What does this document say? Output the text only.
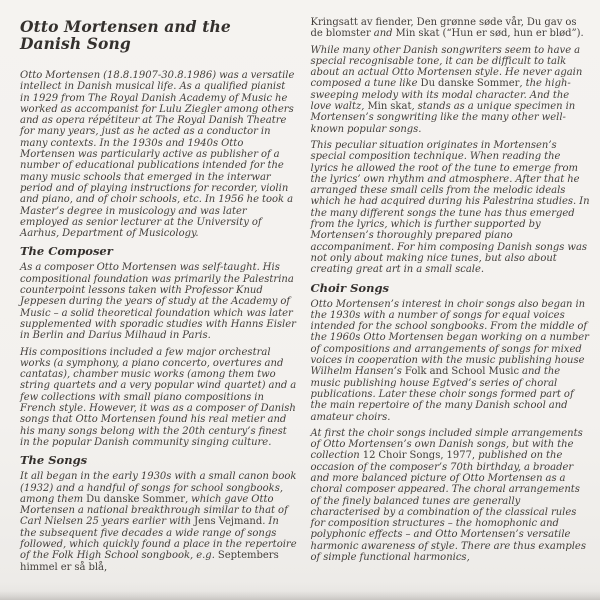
Otto Mortensen and the Danish Song

Otto Mortensen (18.8.1907-30.8.1986) was a versatile intellect in Danish musical life. As a qualified pianist in 1929 from The Royal Danish Academy of Music he worked as accompanist for Lulu Ziegler among others and as opera répétiteur at The Royal Danish Theatre for many years, just as he acted as a conductor in many contexts. In the 1930s and 1940s Otto Mortensen was particularly active as publisher of a number of educational publications intended for the many music schools that emerged in the interwar period and of playing instructions for recorder, violin and piano, and of choir schools, etc. In 1956 he took a Master’s degree in musicology and was later employed as senior lecturer at the University of Aarhus, Department of Musicology.

The Composer

As a composer Otto Mortensen was self-taught. His compositional foundation was primarily the Palestrina counterpoint lessons taken with Professor Knud Jeppesen during the years of study at the Academy of Music – a solid theoretical foundation which was later supplemented with sporadic studies with Hanns Eisler in Berlin and Darius Milhaud in Paris.

His compositions included a few major orchestral works (a symphony, a piano concerto, overtures and cantatas), chamber music works (among them two string quartets and a very popular wind quartet) and a few collections with small piano compositions in French style. However, it was as a composer of Danish songs that Otto Mortensen found his real metier and his many songs belong with the 20th century’s finest in the popular Danish community singing culture.

The Songs

It all began in the early 1930s with a small canon book (1932) and a handful of songs for school songbooks, among them Du danske Sommer, which gave Otto Mortensen a national breakthrough similar to that of Carl Nielsen 25 years earlier with Jens Vejmand. In the subsequent five decades a wide range of songs followed, which quickly found a place in the repertoire of the Folk High School songbook, e.g. Septembers himmel er så blå,

Kringsatt av fiender, Den grønne søde vår, Du gav os de blomster and Min skat (“Hun er sød, hun er blød”).

While many other Danish songwriters seem to have a special recognisable tone, it can be difficult to talk about an actual Otto Mortensen style. He never again composed a tune like Du danske Sommer, the high-sweeping melody with its modal character. And the love waltz, Min skat, stands as a unique specimen in Mortensen’s songwriting like the many other well-known popular songs.

This peculiar situation originates in Mortensen’s special composition technique. When reading the lyrics he allowed the root of the tune to emerge from the lyrics’ own rhythm and atmosphere. After that he arranged these small cells from the melodic ideals which he had acquired during his Palestrina studies. In the many different songs the tune has thus emerged from the lyrics, which is further supported by Mortensen’s thoroughly prepared piano accompaniment. For him composing Danish songs was not only about making nice tunes, but also about creating great art in a small scale.

Choir Songs

Otto Mortensen’s interest in choir songs also began in the 1930s with a number of songs for equal voices intended for the school songbooks. From the middle of the 1960s Otto Mortensen began working on a number of compositions and arrangements of songs for mixed voices in cooperation with the music publishing house Wilhelm Hansen’s Folk and School Music and the music publishing house Egtved’s series of choral publications. Later these choir songs formed part of the main repertoire of the many Danish school and amateur choirs.

At first the choir songs included simple arrangements of Otto Mortensen’s own Danish songs, but with the collection 12 Choir Songs, 1977, published on the occasion of the composer’s 70th birthday, a broader and more balanced picture of Otto Mortensen as a choral composer appeared. The choral arrangements of the finely balanced tunes are generally characterised by a combination of the classical rules for composition structures – the homophonic and polyphonic effects – and Otto Mortensen’s versatile harmonic awareness of style. There are thus examples of simple functional harmonics,
